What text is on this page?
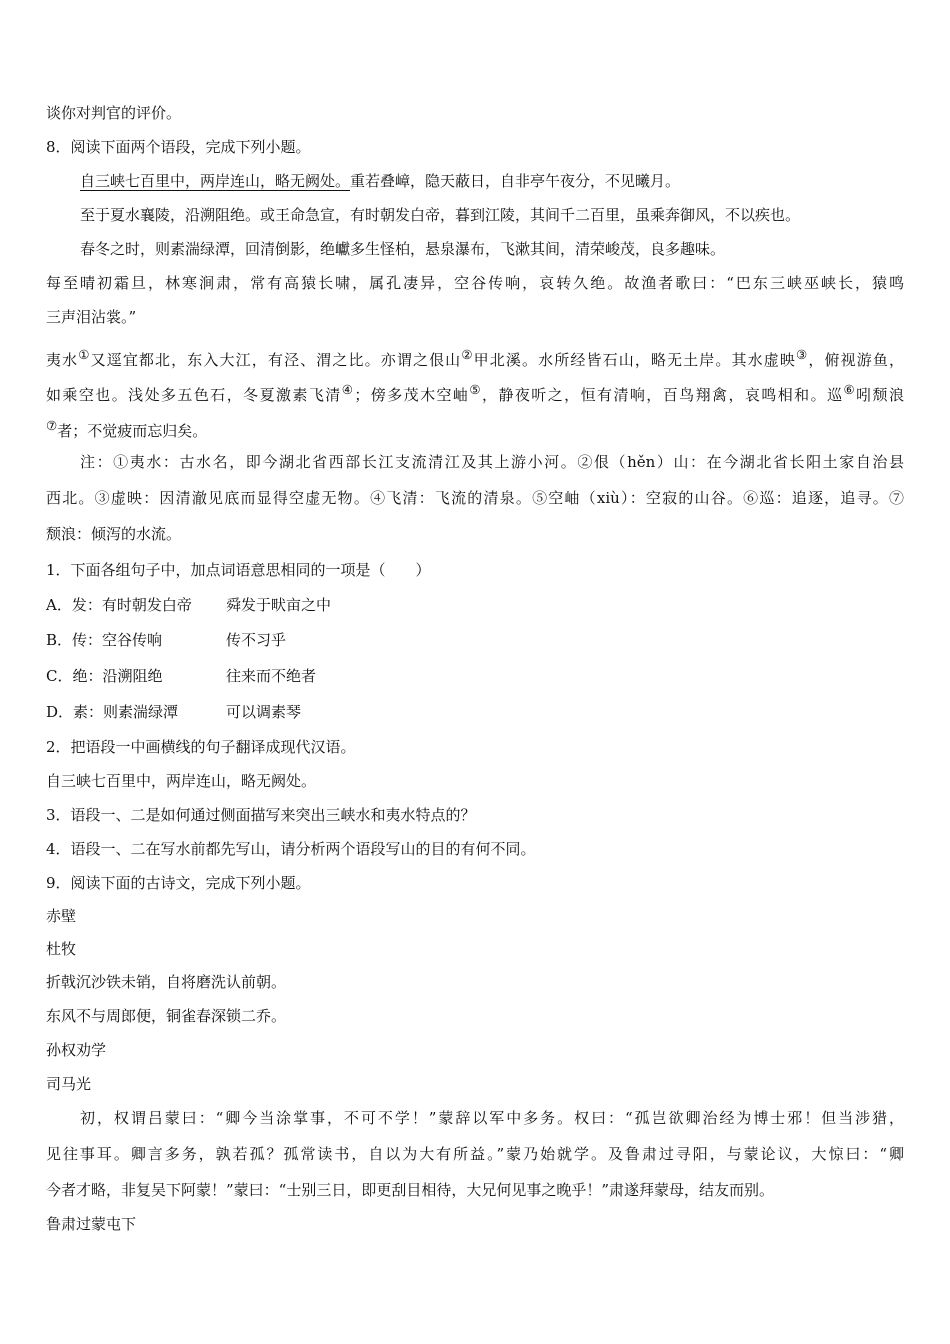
谈你对判官的评价。
8．阅读下面两个语段，完成下列小题。
自三峡七百里中，两岸连山，略无阙处。重若叠嶂，隐天蔽日，自非亭午夜分，不见曦月。
至于夏水襄陵，沿溯阻绝。或王命急宣，有时朝发白帝，暮到江陵，其间千二百里，虽乘奔御风，不以疾也。
春冬之时，则素湍绿潭，回清倒影，绝巘多生怪柏，悬泉瀑布，飞漱其间，清荣峻茂，良多趣味。
每至晴初霜旦，林寒涧肃，常有高猿长啸，属孔凄异，空谷传响，哀转久绝。故渔者歌曰：“巴东三峡巫峡长，猿鸣
三声泪沾裳。”
夷水①又逕宜都北，东入大江，有泾、渭之比。亦谓之佷山②甲北溪。水所经皆石山，略无土岸。其水虚映③，俯视游鱼，
如乘空也。浅处多五色石，冬夏激素飞清④；傍多茂木空岫⑤，静夜听之，恒有清响，百鸟翔禽，哀鸣相和。巡⑥吲颓浪
⑦者；不觉疲而忘归矣。
注：①夷水：古水名，即今湖北省西部长江支流清江及其上游小河。②佷（hěn）山：在今湖北省长阳土家自治县
西北。③虚映：因清澈见底而显得空虚无物。④飞清：飞流的清泉。⑤空岫（xiù）：空寂的山谷。⑥巡：追逐，追寻。⑦
颓浪：倾泻的水流。
1．下面各组句子中，加点词语意思相同的一项是（　　）
A．发：有时朝发白帝 舜发于畎亩之中
B．传：空谷传响	传不习乎
C．绝：沿溯阻绝	往来而不绝者
D．素：则素湍绿潭	可以调素琴
2．把语段一中画横线的句子翻译成现代汉语。
自三峡七百里中，两岸连山，略无阙处。
3．语段一、二是如何通过侧面描写来突出三峡水和夷水特点的？
4．语段一、二在写水前都先写山，请分析两个语段写山的目的有何不同。
9．阅读下面的古诗文，完成下列小题。
赤壁
杜牧
折戟沉沙铁未销，自将磨洗认前朝。
东风不与周郎便，铜雀春深锁二乔。
孙权劝学
司马光
初，权谓吕蒙曰：“卿今当涂掌事，不可不学！”蒙辞以军中多务。权曰：“孤岂欲卿治经为博士邪！但当涉猎，
见往事耳。卿言多务，孰若孤？孤常读书，自以为大有所益。”蒙乃始就学。及鲁肃过寻阳，与蒙论议，大惊曰：“卿
今者才略，非复吴下阿蒙！”蒙曰：“士别三日，即更刮目相待，大兄何见事之晚乎！”肃遂拜蒙母，结友而别。
鲁肃过蒙屯下
